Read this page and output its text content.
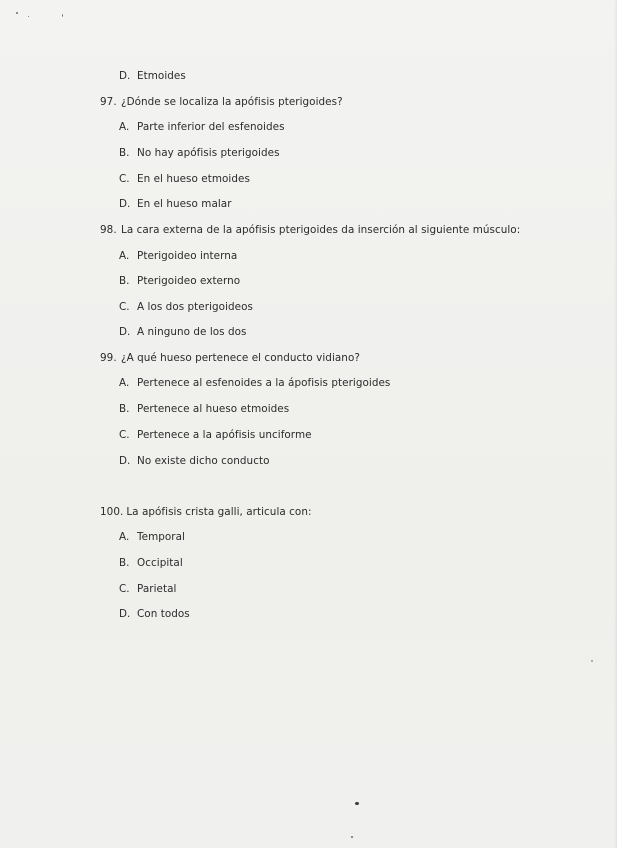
D. Etmoides
97. ¿Dónde se localiza la apófisis pterigoides?
A. Parte inferior del esfenoides
B. No hay apófisis pterigoides
C. En el hueso etmoides
D. En el hueso malar
98. La cara externa de la apófisis pterigoides da inserción al siguiente músculo:
A. Pterigoideo interna
B. Pterigoideo externo
C. A los dos pterigoideos
D. A ninguno de los dos
99. ¿A qué hueso pertenece el conducto vidiano?
A. Pertenece al esfenoides a la ápofisis pterigoides
B. Pertenece al hueso etmoides
C. Pertenece a la apófisis unciforme
D. No existe dicho conducto
100. La apófisis crista galli, articula con:
A. Temporal
B. Occipital
C. Parietal
D. Con todos
